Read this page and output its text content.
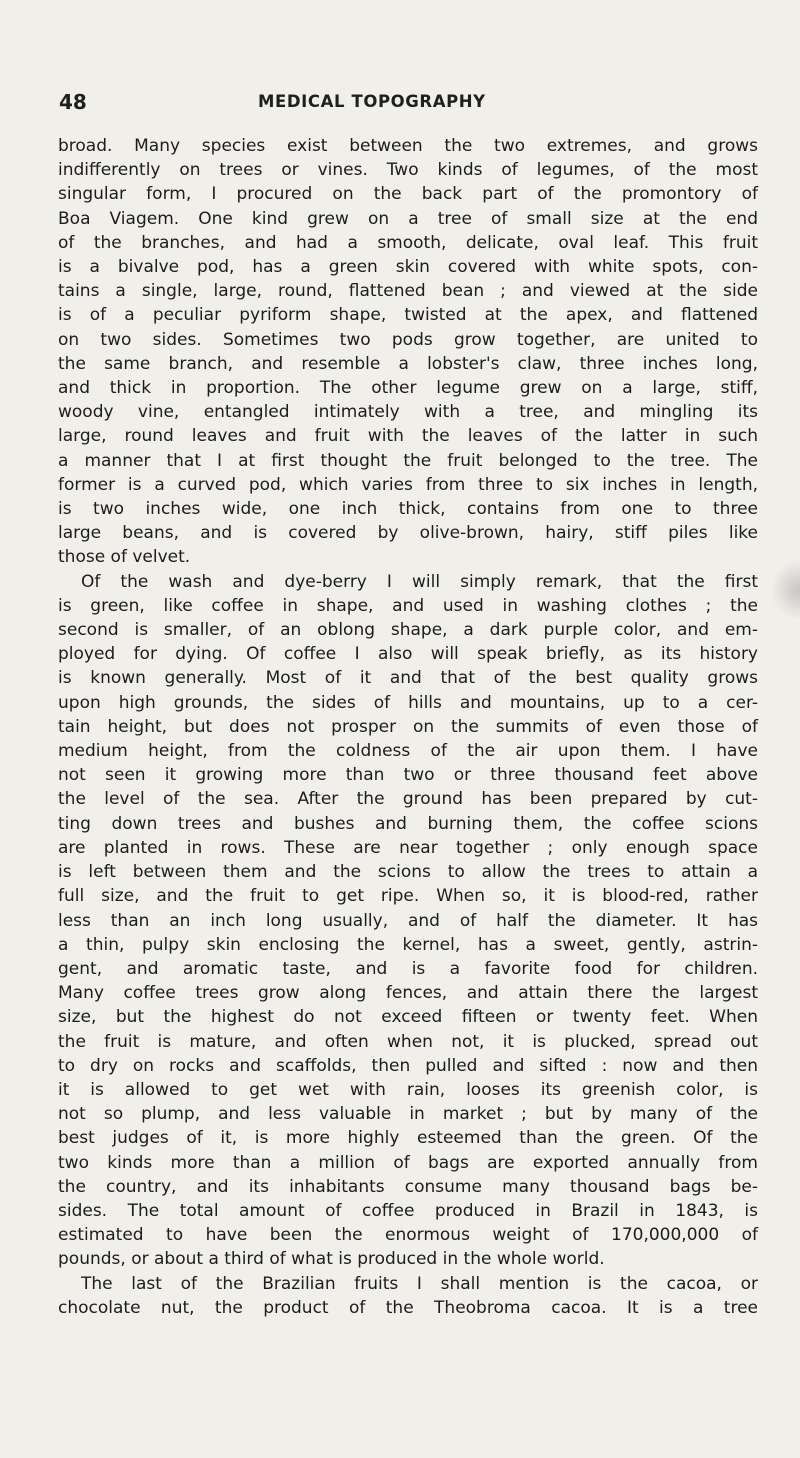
48	MEDICAL TOPOGRAPHY
broad. Many species exist between the two extremes, and grows
indifferently on trees or vines. Two kinds of legumes, of the most
singular form, I procured on the back part of the promontory of
Boa Viagem. One kind grew on a tree of small size at the end
of the branches, and had a smooth, delicate, oval leaf. This fruit
is a bivalve pod, has a green skin covered with white spots, con-
tains a single, large, round, flattened bean ; and viewed at the side
is of a peculiar pyriform shape, twisted at the apex, and flattened
on two sides. Sometimes two pods grow together, are united to
the same branch, and resemble a lobster's claw, three inches long,
and thick in proportion. The other legume grew on a large, stiff,
woody vine, entangled intimately with a tree, and mingling its
large, round leaves and fruit with the leaves of the latter in such
a manner that I at first thought the fruit belonged to the tree. The
former is a curved pod, which varies from three to six inches in length,
is two inches wide, one inch thick, contains from one to three
large beans, and is covered by olive-brown, hairy, stiff piles like
those of velvet.
Of the wash and dye-berry I will simply remark, that the first
is green, like coffee in shape, and used in washing clothes ; the
second is smaller, of an oblong shape, a dark purple color, and em-
ployed for dying. Of coffee I also will speak briefly, as its history
is known generally. Most of it and that of the best quality grows
upon high grounds, the sides of hills and mountains, up to a cer-
tain height, but does not prosper on the summits of even those of
medium height, from the coldness of the air upon them. I have
not seen it growing more than two or three thousand feet above
the level of the sea. After the ground has been prepared by cut-
ting down trees and bushes and burning them, the coffee scions
are planted in rows. These are near together ; only enough space
is left between them and the scions to allow the trees to attain a
full size, and the fruit to get ripe. When so, it is blood-red, rather
less than an inch long usually, and of half the diameter. It has
a thin, pulpy skin enclosing the kernel, has a sweet, gently, astrin-
gent, and aromatic taste, and is a favorite food for children.
Many coffee trees grow along fences, and attain there the largest
size, but the highest do not exceed fifteen or twenty feet. When
the fruit is mature, and often when not, it is plucked, spread out
to dry on rocks and scaffolds, then pulled and sifted : now and then
it is allowed to get wet with rain, looses its greenish color, is
not so plump, and less valuable in market ; but by many of the
best judges of it, is more highly esteemed than the green. Of the
two kinds more than a million of bags are exported annually from
the country, and its inhabitants consume many thousand bags be-
sides. The total amount of coffee produced in Brazil in 1843, is
estimated to have been the enormous weight of 170,000,000 of
pounds, or about a third of what is produced in the whole world.
The last of the Brazilian fruits I shall mention is the cacoa, or
chocolate nut, the product of the Theobroma cacoa. It is a tree
